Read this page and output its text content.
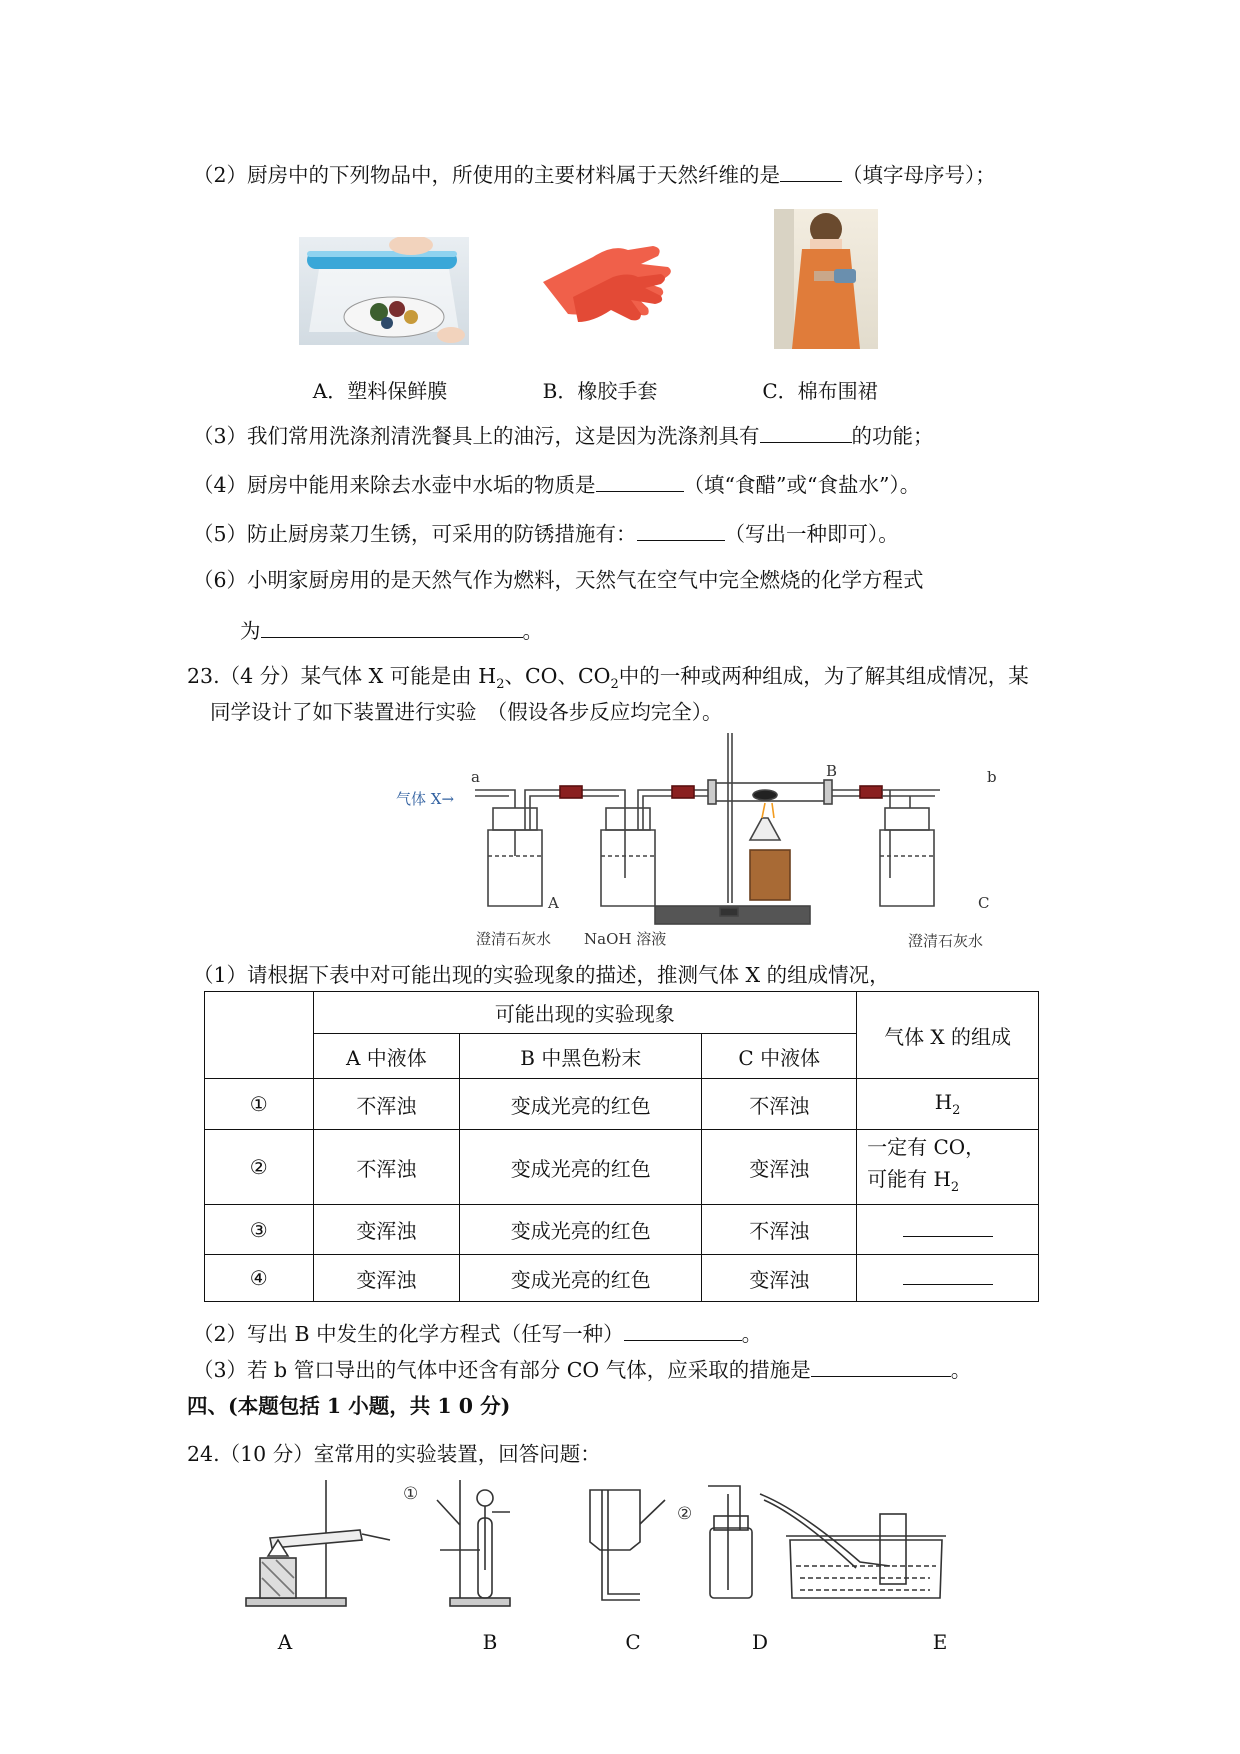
（2）厨房中的下列物品中，所使用的主要材料属于天然纤维的是	（填字母序号）；
A．塑料保鲜膜	B．橡胶手套	C．棉布围裙
（3）我们常用洗涤剂清洗餐具上的油污，这是因为洗涤剂具有	的功能；
（4）厨房中能用来除去水壶中水垢的物质是	（填“食醋”或“食盐水”）。
（5）防止厨房菜刀生锈，可采用的防锈措施有：	（写出一种即可）。
（6）小明家厨房用的是天然气作为燃料，天然气在空气中完全燃烧的化学方程式
为	。
23.（4 分）某气体 X 可能是由 $H_2$、CO、$CO_2$中的一种或两种组成，为了解其组成情况，某
同学设计了如下装置进行实验　（假设各步反应均完全）。
气体 X→
a	b
B
A	C
澄清石灰水 NaOH 溶液	澄清石灰水
（1）请根据下表中对可能出现的实验现象的描述，推测气体 X 的组成情况，
	可能出现的实验现象			气体 X 的组成
	A 中液体	B 中黑色粉末	C 中液体	
①	不浑浊	变成光亮的红色	不浑浊	$H_2$
②	不浑浊	变成光亮的红色	变浑浊	一定有 CO，
可能有 $H_2$

③	变浑浊	变成光亮的红色	不浑浊	
④	变浑浊	变成光亮的红色	变浑浊	
（2）写出 B 中发生的化学方程式（任写一种）	。
（3）若 b 管口导出的气体中还含有部分 CO 气体，应采取的措施是	。
四、(本题包括 1 小题，共 1 0 分)
24.（10 分）室常用的实验装置，回答问题：
①
②
A	B	C	D	E
